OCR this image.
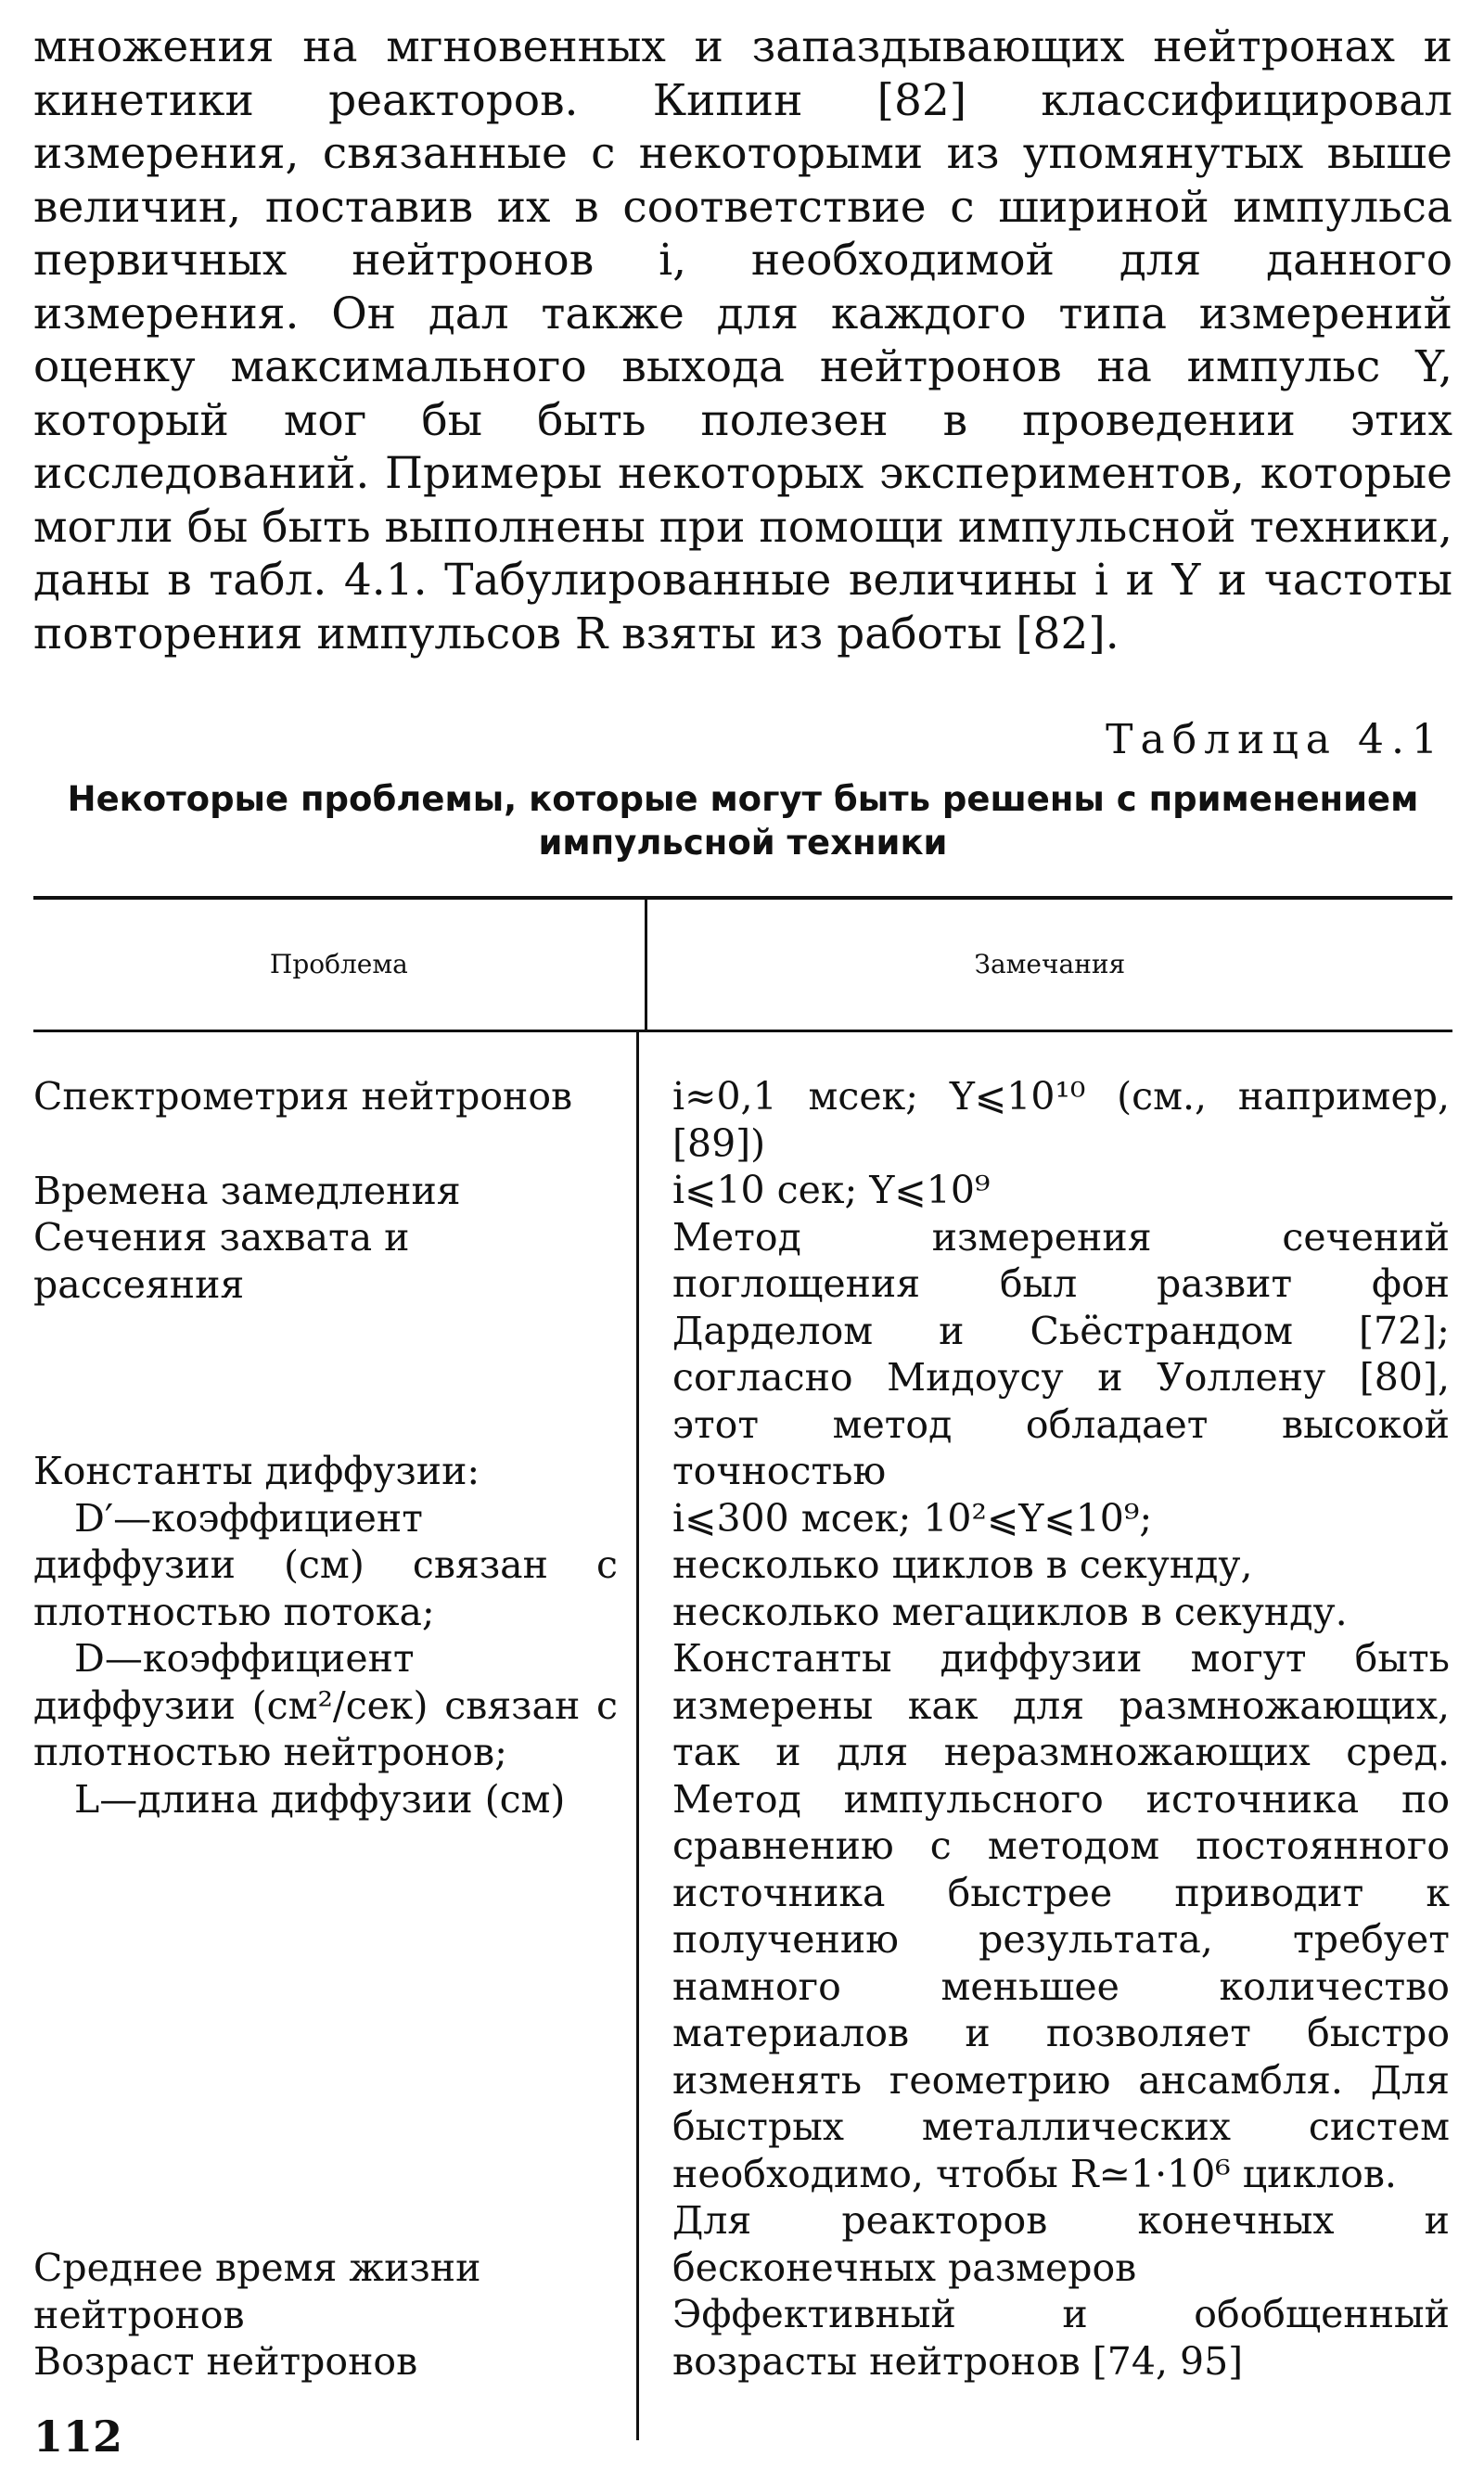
множения на мгновенных и запаздывающих нейтронах и кинетики реакторов. Кипин [82] классифицировал измерения, связанные с некоторыми из упомянутых выше величин, поставив их в соответствие с шириной импульса первичных нейтронов i, необходимой для данного измерения. Он дал также для каждого типа измерений оценку максимального выхода нейтронов на импульс Y, который мог бы быть полезен в проведении этих исследований. Примеры некоторых экспериментов, которые могли бы быть выполнены при помощи импульсной техники, даны в табл. 4.1. Табулированные величины i и Y и частоты повторения импульсов R взяты из работы [82].

Таблица 4.1
Некоторые проблемы, которые могут быть решены с применением импульсной техники
Проблема	Замечания

Спектрометрия нейтронов

Времена замедления

Сечения захвата и рассеяния

Константы диффузии:

D′—коэффициент диффузии (см) связан с плотностью потока;

D—коэффициент диффузии (см²/сек) связан с плотностью нейтронов;

L—длина диффузии (см)

Среднее время жизни нейтронов

Возраст нейтронов

i≈0,1 мсек; Y⩽10¹⁰ (см., например, [89])

i⩽10 сек; Y⩽10⁹

Метод измерения сечений поглощения был развит фон Дарделом и Сьёстрандом [72]; согласно Мидоусу и Уоллену [80], этот метод обладает высокой точностью

i⩽300 мсек; 10²⩽Y⩽10⁹;

несколько циклов в секунду,

несколько мегациклов в секунду.

Константы диффузии могут быть измерены как для размножающих, так и для неразмножающих сред. Метод импульсного источника по сравнению с методом постоянного источника быстрее приводит к получению результата, требует намного меньшее количество материалов и позволяет быстро изменять геометрию ансамбля. Для быстрых металлических систем необходимо, чтобы R≃1·10⁶ циклов.

Для реакторов конечных и бесконечных размеров

Эффективный и обобщенный возрасты нейтронов [74, 95]

112
